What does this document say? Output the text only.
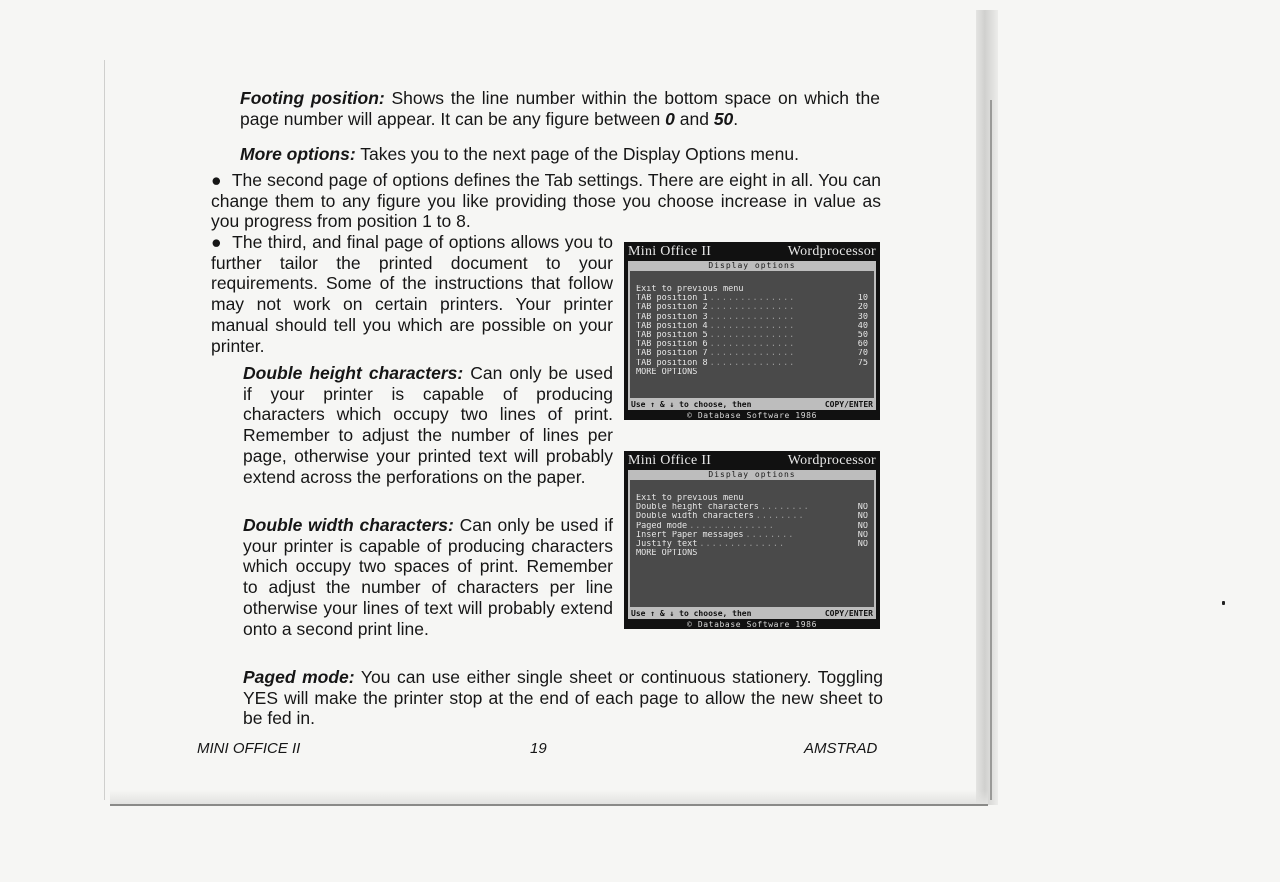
Footing position: Shows the line number within the bottom space on which the page number will appear. It can be any figure between 0 and 50.

More options: Takes you to the next page of the Display Options menu.

● The second page of options defines the Tab settings. There are eight in all. You can change them to any figure you like providing those you choose increase in value as you progress from position 1 to 8.

● The third, and final page of options allows you to further tailor the printed document to your requirements. Some of the instructions that follow may not work on certain printers. Your printer manual should tell you which are possible on your printer.

Double height characters: Can only be used if your printer is capable of producing characters which occupy two lines of print. Remember to adjust the number of lines per page, otherwise your printed text will probably extend across the perforations on the paper.

Double width characters: Can only be used if your printer is capable of producing characters which occupy two spaces of print. Remember to adjust the number of characters per line otherwise your lines of text will probably extend onto a second print line.

Paged mode: You can use either single sheet or continuous stationery. Toggling YES will make the printer stop at the end of each page to allow the new sheet to be fed in.

Mini Office II	Wordprocessor
Display options
Exit to previous menu
TAB position 1 ..............	10
TAB position 2 ..............	20
TAB position 3 ..............	30
TAB position 4 ..............	40
TAB position 5 ..............	50
TAB position 6 ..............	60
TAB position 7 ..............	70
TAB position 8 ..............	75
MORE OPTIONS
Use ↑ & ↓ to choose, then	COPY/ENTER
© Database Software 1986
Mini Office II	Wordprocessor
Display options
Exit to previous menu
Double height characters ........	NO
Double width characters ........	NO
Paged mode ..............	NO
Insert Paper messages ........	NO
Justify text ..............	NO
MORE OPTIONS
Use ↑ & ↓ to choose, then	COPY/ENTER
© Database Software 1986
MINI OFFICE II	19	AMSTRAD
